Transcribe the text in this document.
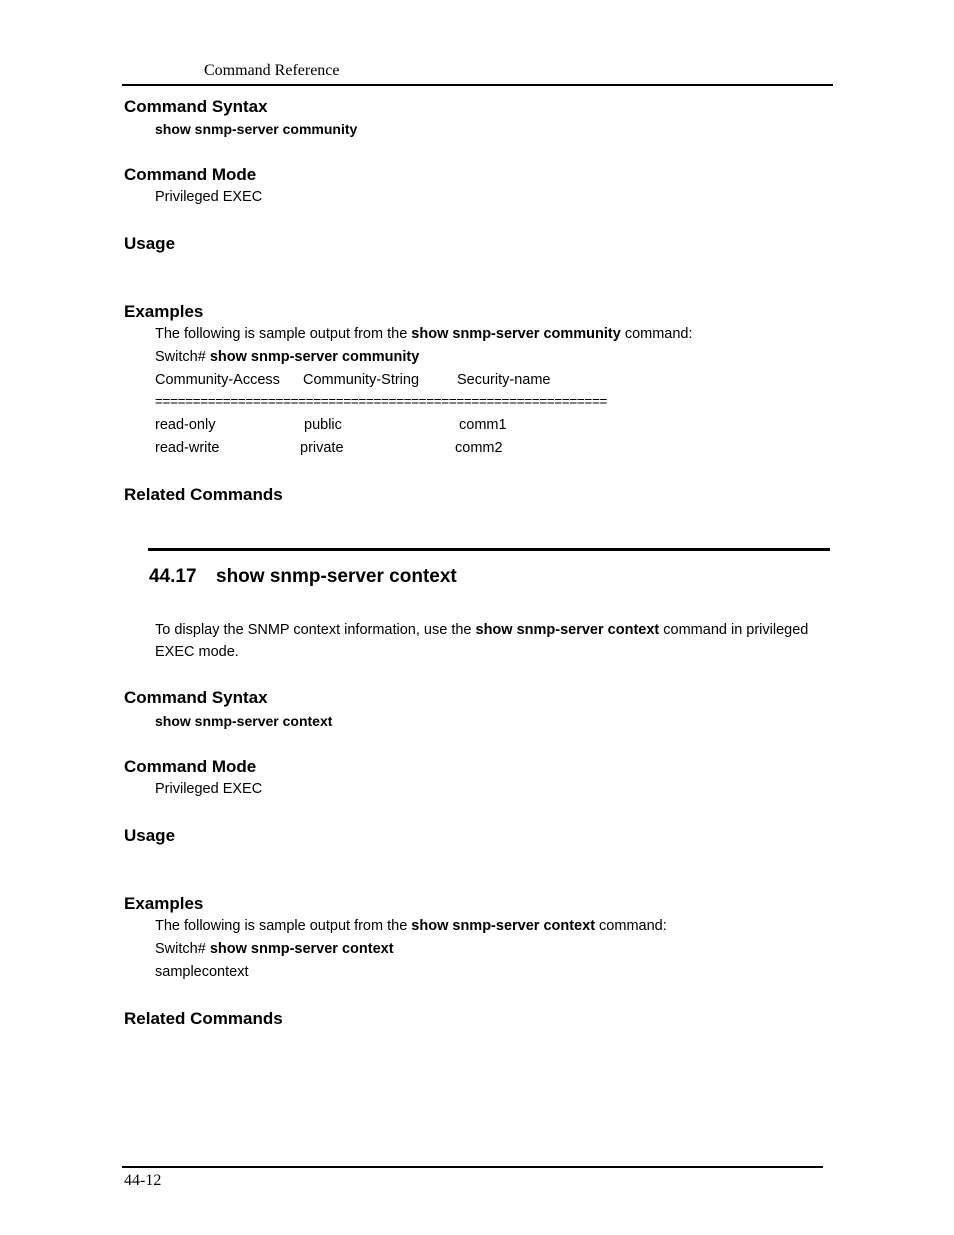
Command Reference
Command Syntax
show snmp-server community
Command Mode
Privileged EXEC
Usage
Examples
The following is sample output from the show snmp-server community command:
Switch# show snmp-server community
Community-Access Community-String	Security-name
============================================================
read-only	public	comm1
read-write	private	comm2
Related Commands
44.17 show snmp-server context
To display the SNMP context information, use the show snmp-server context command in privileged EXEC mode.
Command Syntax
show snmp-server context
Command Mode
Privileged EXEC
Usage
Examples
The following is sample output from the show snmp-server context command:
Switch# show snmp-server context
samplecontext
Related Commands
44-12
